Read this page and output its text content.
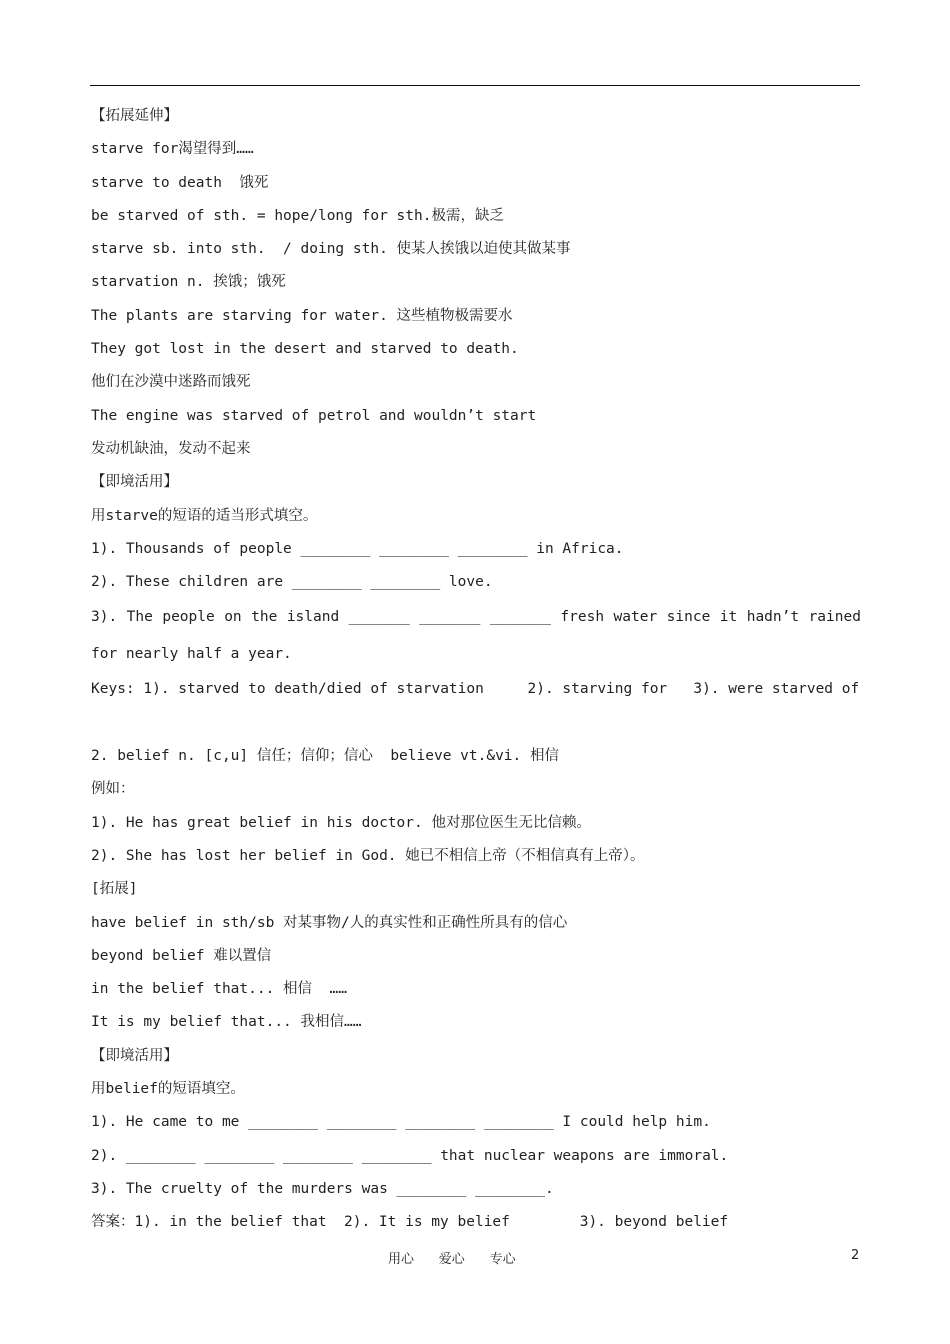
【拓展延伸】
starve for渴望得到……
starve to death  饿死
be starved of sth. = hope/long for sth.极需，缺乏
starve sb. into sth.  / doing sth. 使某人挨饿以迫使其做某事
starvation n. 挨饿；饿死
The plants are starving for water. 这些植物极需要水
They got lost in the desert and starved to death.
他们在沙漠中迷路而饿死
The engine was starved of petrol and wouldn’t start
发动机缺油，发动不起来
【即境活用】
用starve的短语的适当形式填空。
1). Thousands of people ________ ________ ________ in Africa.
2). These children are ________ ________ love.
3). The people on the island _______ _______ _______ fresh water since it hadn’t rained
for nearly half a year.
Keys: 1). starved to death/died of starvation     2). starving for   3). were starved of
2. belief n. [c,u] 信任；信仰；信心  believe vt.&vi. 相信
例如：
1). He has great belief in his doctor. 他对那位医生无比信赖。
2). She has lost her belief in God. 她已不相信上帝（不相信真有上帝）。
[拓展]
have belief in sth/sb 对某事物/人的真实性和正确性所具有的信心
beyond belief 难以置信
in the belief that... 相信  ……
It is my belief that... 我相信……
【即境活用】
用belief的短语填空。
1). He came to me ________ ________ ________ ________ I could help him.
2). ________ ________ ________ ________ that nuclear weapons are immoral.
3). The cruelty of the murders was ________ ________.
答案：1). in the belief that  2). It is my belief        3). beyond belief
用心      爱心      专心	2
